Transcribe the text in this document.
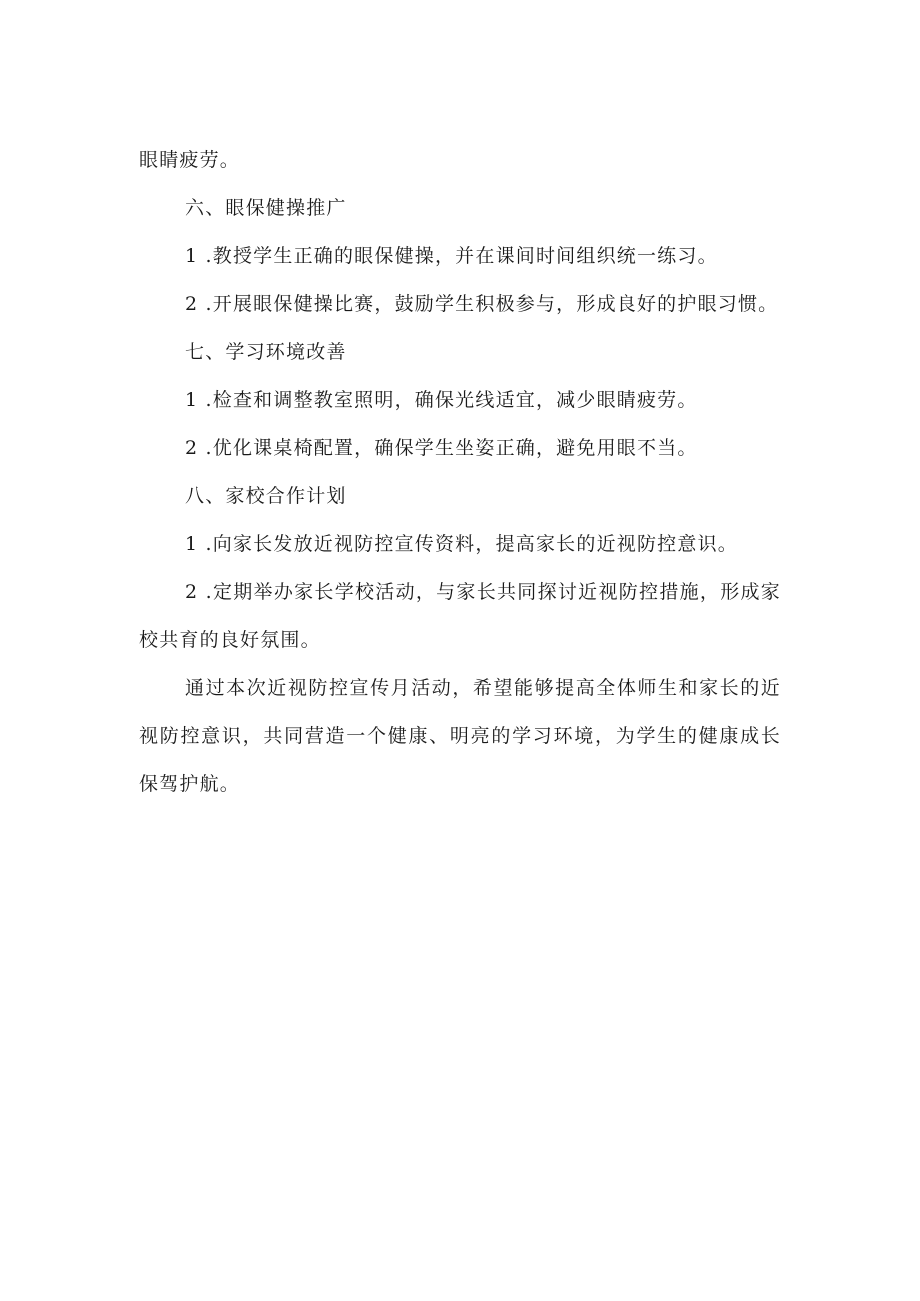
眼睛疲劳。

六、眼保健操推广

1 .教授学生正确的眼保健操，并在课间时间组织统一练习。

2 .开展眼保健操比赛，鼓励学生积极参与，形成良好的护眼习惯。

七、学习环境改善

1 .检查和调整教室照明，确保光线适宜，减少眼睛疲劳。

2 .优化课桌椅配置，确保学生坐姿正确，避免用眼不当。

八、家校合作计划

1 .向家长发放近视防控宣传资料，提高家长的近视防控意识。

2 .定期举办家长学校活动，与家长共同探讨近视防控措施，形成家校共育的良好氛围。

通过本次近视防控宣传月活动，希望能够提高全体师生和家长的近视防控意识，共同营造一个健康、明亮的学习环境，为学生的健康成长保驾护航。
